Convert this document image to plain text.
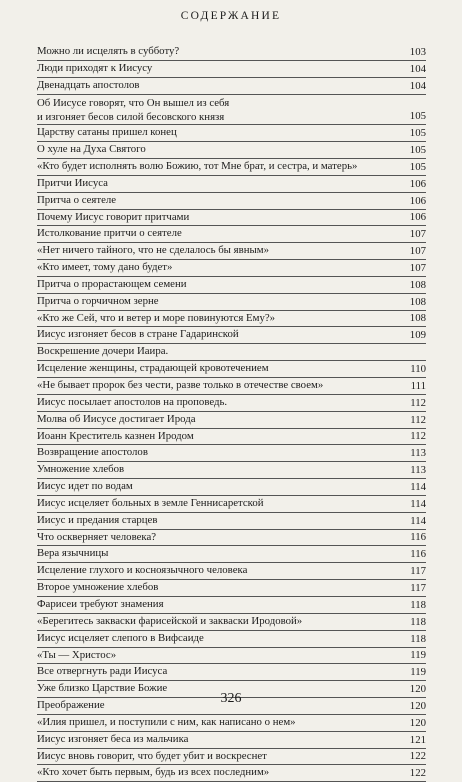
СОДЕРЖАНИЕ
Можно ли исцелять в субботу?	103
Люди приходят к Иисусу	104
Двенадцать апостолов	104
Об Иисусе говорят, что Он вышел из себя
и изгоняет бесов силой бесовского князя	105
Царству сатаны пришел конец	105
О хуле на Духа Святого	105
«Кто будет исполнять волю Божию, тот Мне брат, и сестра, и матерь»	105
Притчи Иисуса	106
Притча о сеятеле	106
Почему Иисус говорит притчами	106
Истолкование притчи о сеятеле	107
«Нет ничего тайного, что не сделалось бы явным»	107
«Кто имеет, тому дано будет»	107
Притча о прорастающем семени	108
Притча о горчичном зерне	108
«Кто же Сей, что и ветер и море повинуются Ему?»	108
Иисус изгоняет бесов в стране Гадаринской	109
Воскрешение дочери Иаира.
Исцеление женщины, страдающей кровотечением	110
«Не бывает пророк без чести, разве только в отечестве своем»	111
Иисус посылает апостолов на проповедь.	112
Молва об Иисусе достигает Ирода	112
Иоанн Креститель казнен Иродом	112
Возвращение апостолов	113
Умножение хлебов	113
Иисус идет по водам	114
Иисус исцеляет больных в земле Геннисаретской	114
Иисус и предания старцев	114
Что оскверняет человека?	116
Вера язычницы	116
Исцеление глухого и косноязычного человека	117
Второе умножение хлебов	117
Фарисеи требуют знамения	118
«Берегитесь закваски фарисейской и закваски Иродовой»	118
Иисус исцеляет слепого в Вифсаиде	118
«Ты — Христос»	119
Все отвергнуть ради Иисуса	119
Уже близко Царствие Божие	120
Преображение	120
«Илия пришел, и поступили с ним, как написано о нем»	120
Иисус изгоняет беса из мальчика	121
Иисус вновь говорит, что будет убит и воскреснет	122
«Кто хочет быть первым, будь из всех последним»	122
326
